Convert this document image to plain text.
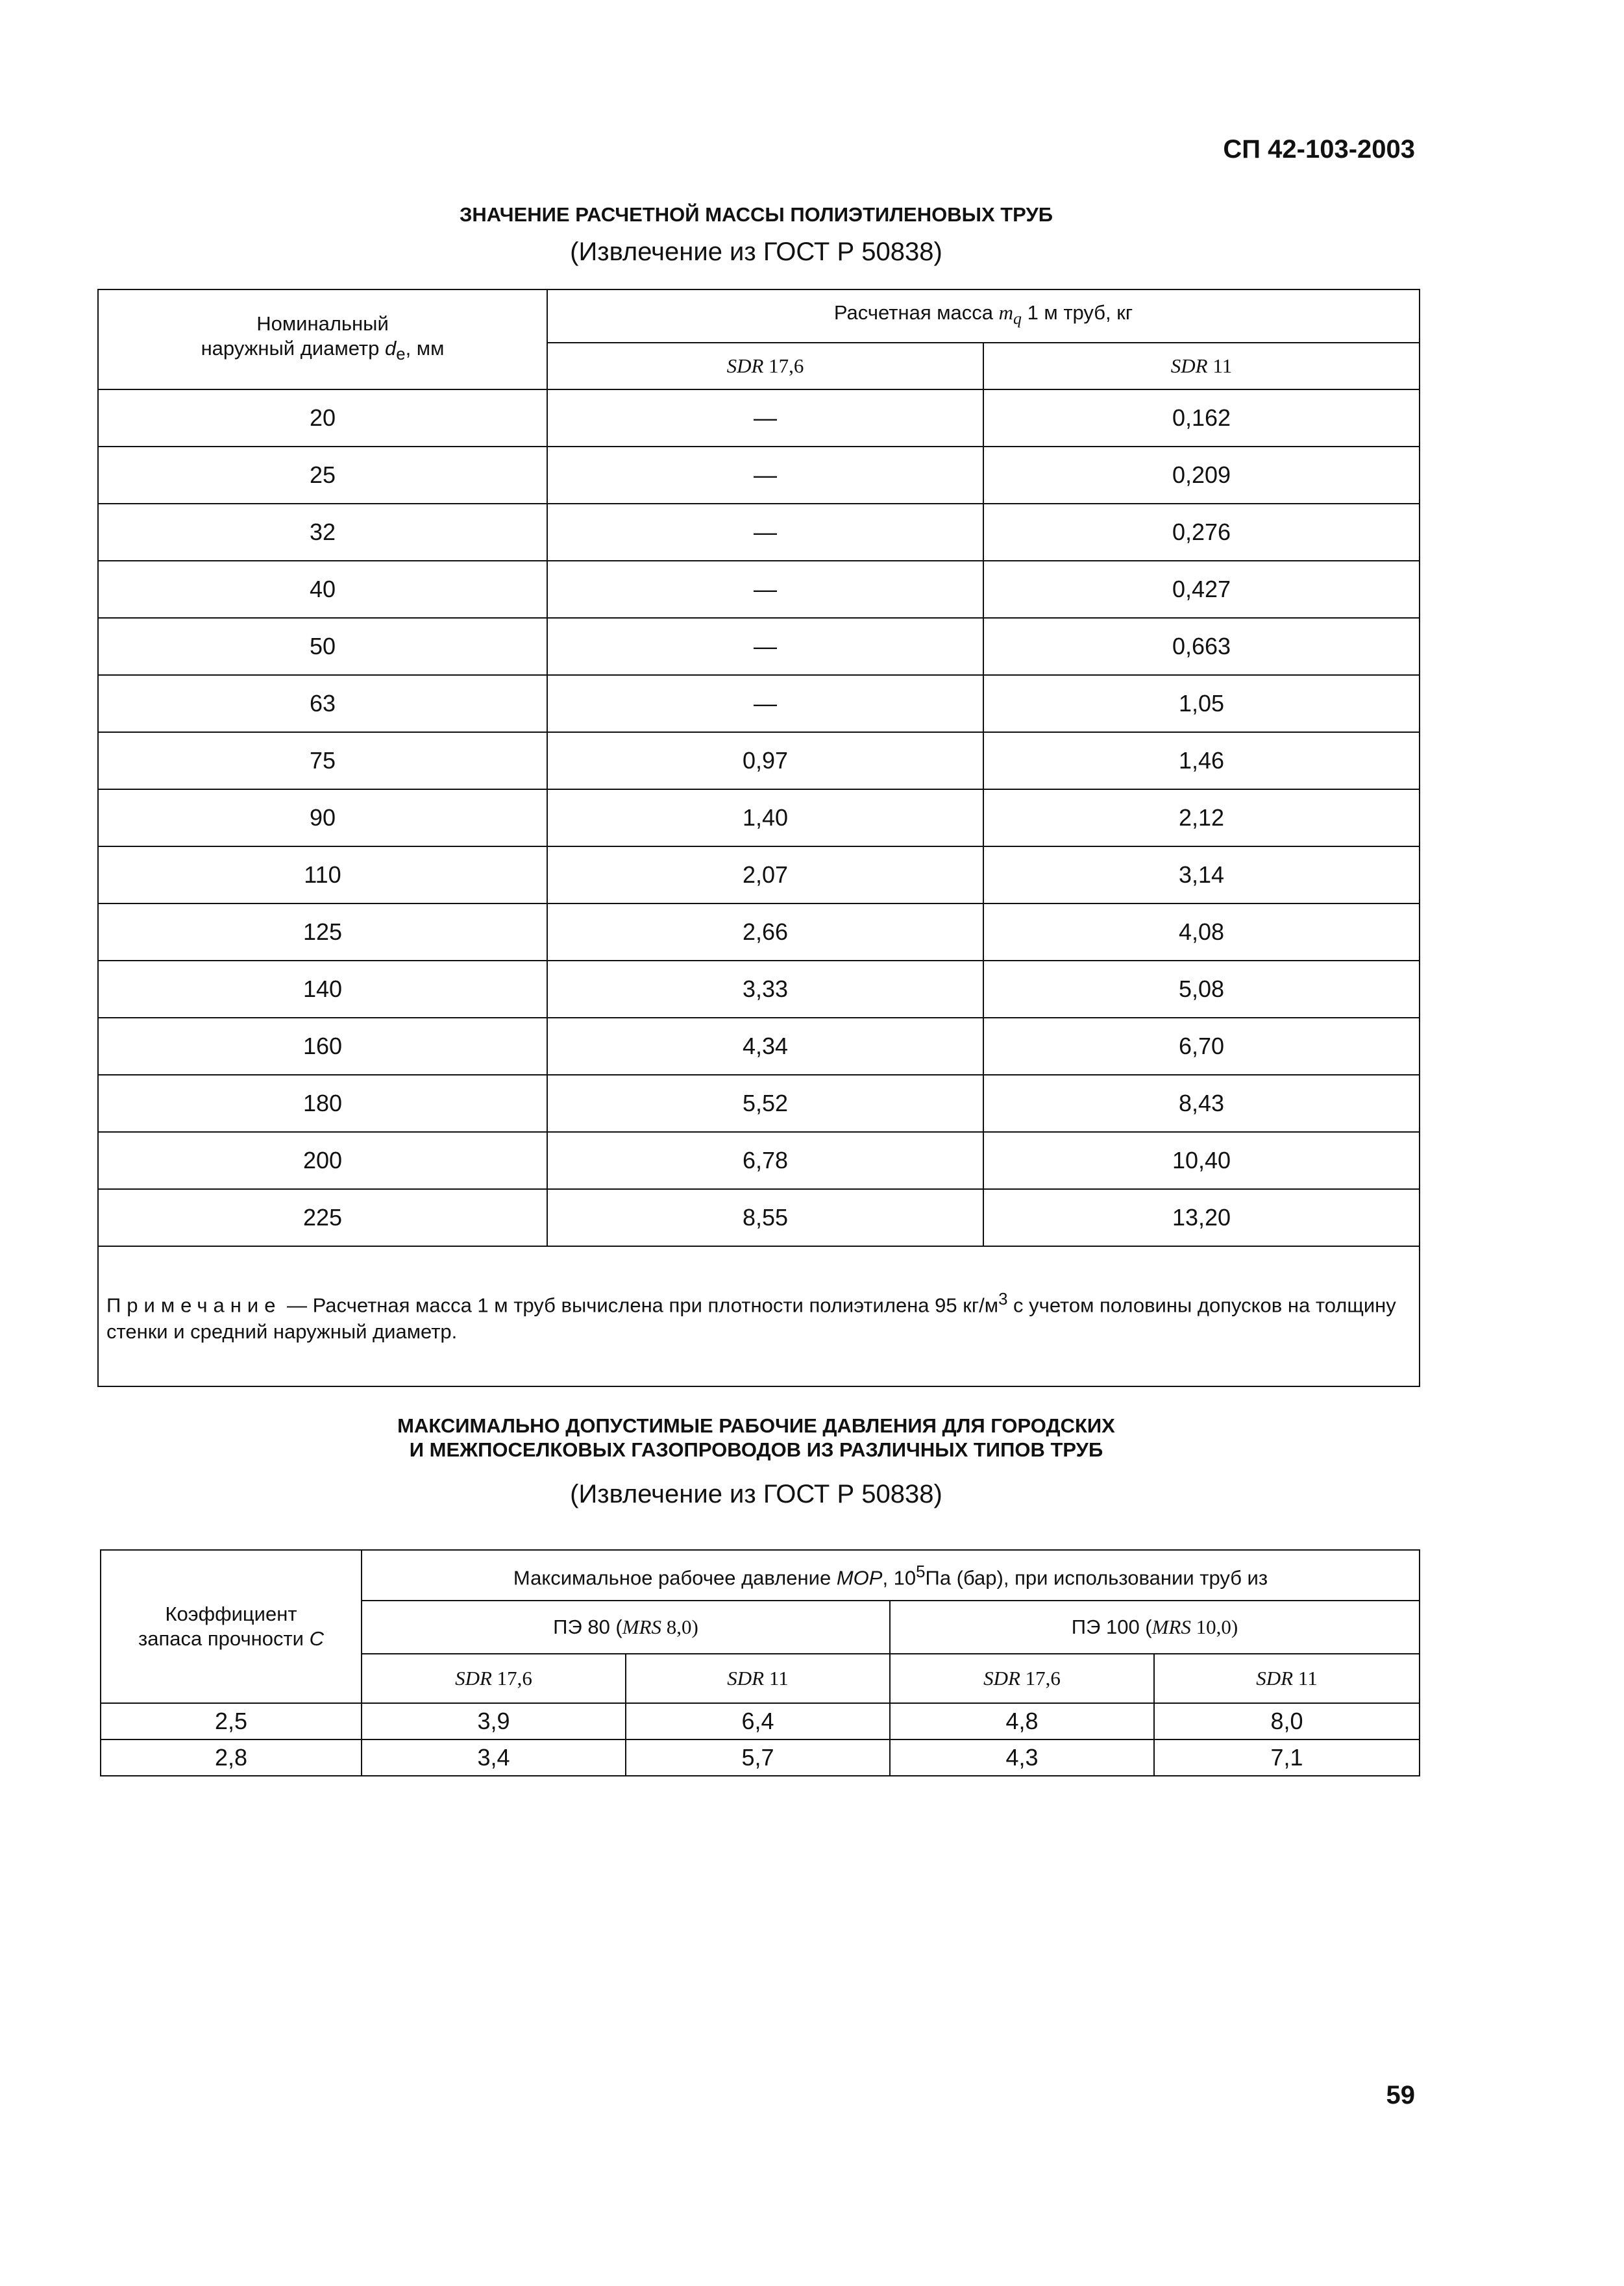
СП 42-103-2003

ЗНАЧЕНИЕ РАСЧЕТНОЙ МАССЫ ПОЛИЭТИЛЕНОВЫХ ТРУБ

(Извлечение из ГОСТ Р 50838)

Номинальный
наружный диаметр $d_e$, мм	Расчетная масса $m_q$ 1 м труб, кг	
	SDR 17,6	SDR 11
20	—	0,162
25	—	0,209
32	—	0,276
40	—	0,427
50	—	0,663
63	—	1,05
75	0,97	1,46
90	1,40	2,12
110	2,07	3,14
125	2,66	4,08
140	3,33	5,08
160	4,34	6,70
180	5,52	8,43
200	6,78	10,40
225	8,55	13,20
Примечание — Расчетная масса 1 м труб вычислена при плотности полиэтилена 95 $кг/м^3$ с учетом половины допусков на толщину стенки и средний наружный диаметр.		

МАКСИМАЛЬНО ДОПУСТИМЫЕ РАБОЧИЕ ДАВЛЕНИЯ ДЛЯ ГОРОДСКИХ
И МЕЖПОСЕЛКОВЫХ ГАЗОПРОВОДОВ ИЗ РАЗЛИЧНЫХ ТИПОВ ТРУБ

(Извлечение из ГОСТ Р 50838)

Коэффициент
запаса прочности C	Максимальное рабочее давление MOP, $10^5Па$ (бар), при использовании труб из			
	ПЭ 80 (MRS 8,0)		ПЭ 100 (MRS 10,0)	
	SDR 17,6	SDR 11	SDR 17,6	SDR 11
2,5	3,9	6,4	4,8	8,0
2,8	3,4	5,7	4,3	7,1

59
